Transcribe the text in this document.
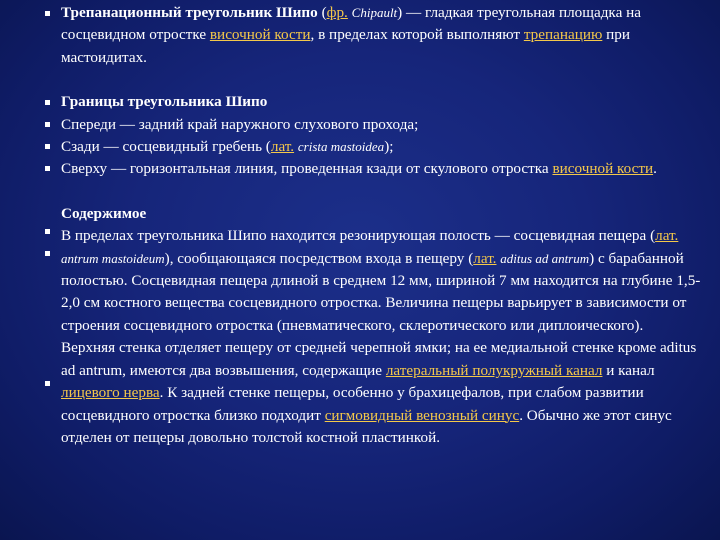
Трепанационный треугольник Шипо (фр. Chipault) — гладкая треугольная площадка на сосцевидном отростке височной кости, в пределах которой выполняют трепанацию при мастоидитах.

Границы треугольника Шипо

Спереди — задний край наружного слухового прохода;

Сзади — сосцевидный гребень (лат. crista mastoidea);

Сверху — горизонтальная линия, проведенная кзади от скулового отростка височной кости.

Содержимое

В пределах треугольника Шипо находится резонирующая полость — сосцевидная пещера (лат. antrum mastoideum), сообщающаяся посредством входа в пещеру (лат. aditus ad antrum) с барабанной полостью. Сосцевидная пещера длиной в среднем 12 мм, шириной 7 мм находится на глубине 1,5-2,0 см костного вещества сосцевидного отростка. Величина пещеры варьирует в зависимости от строения сосцевидного отростка (пневматического, склеротического или диплоического).

Верхняя стенка отделяет пещеру от средней черепной ямки; на ее медиальной стенке кроме aditus ad antrum, имеются два возвышения, содержащие латеральный полукружный канал и канал лицевого нерва. К задней стенке пещеры, особенно у брахицефалов, при слабом развитии сосцевидного отростка близко подходит сигмовидный венозный синус. Обычно же этот синус отделен от пещеры довольно толстой костной пластинкой.
